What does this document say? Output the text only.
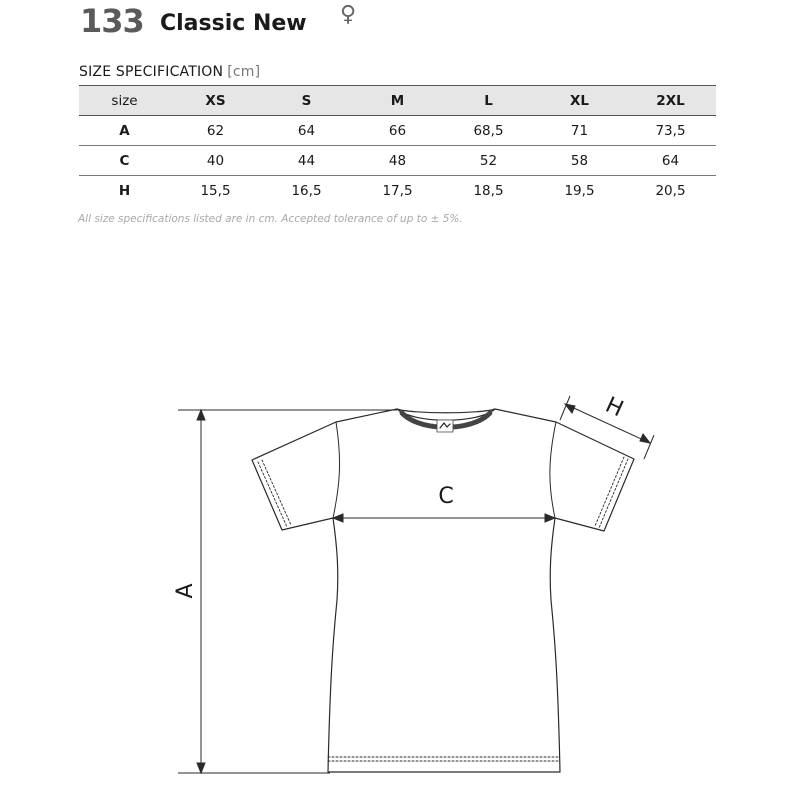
133 Classic New ♀
SIZE SPECIFICATION [cm]
size	XS	S	M	L	XL	2XL
A	62	64	66	68,5	71	73,5
C	40	44	48	52	58	64
H	15,5	16,5	17,5	18,5	19,5	20,5
All size specifications listed are in cm. Accepted tolerance of up to ± 5%.
A
C
H
